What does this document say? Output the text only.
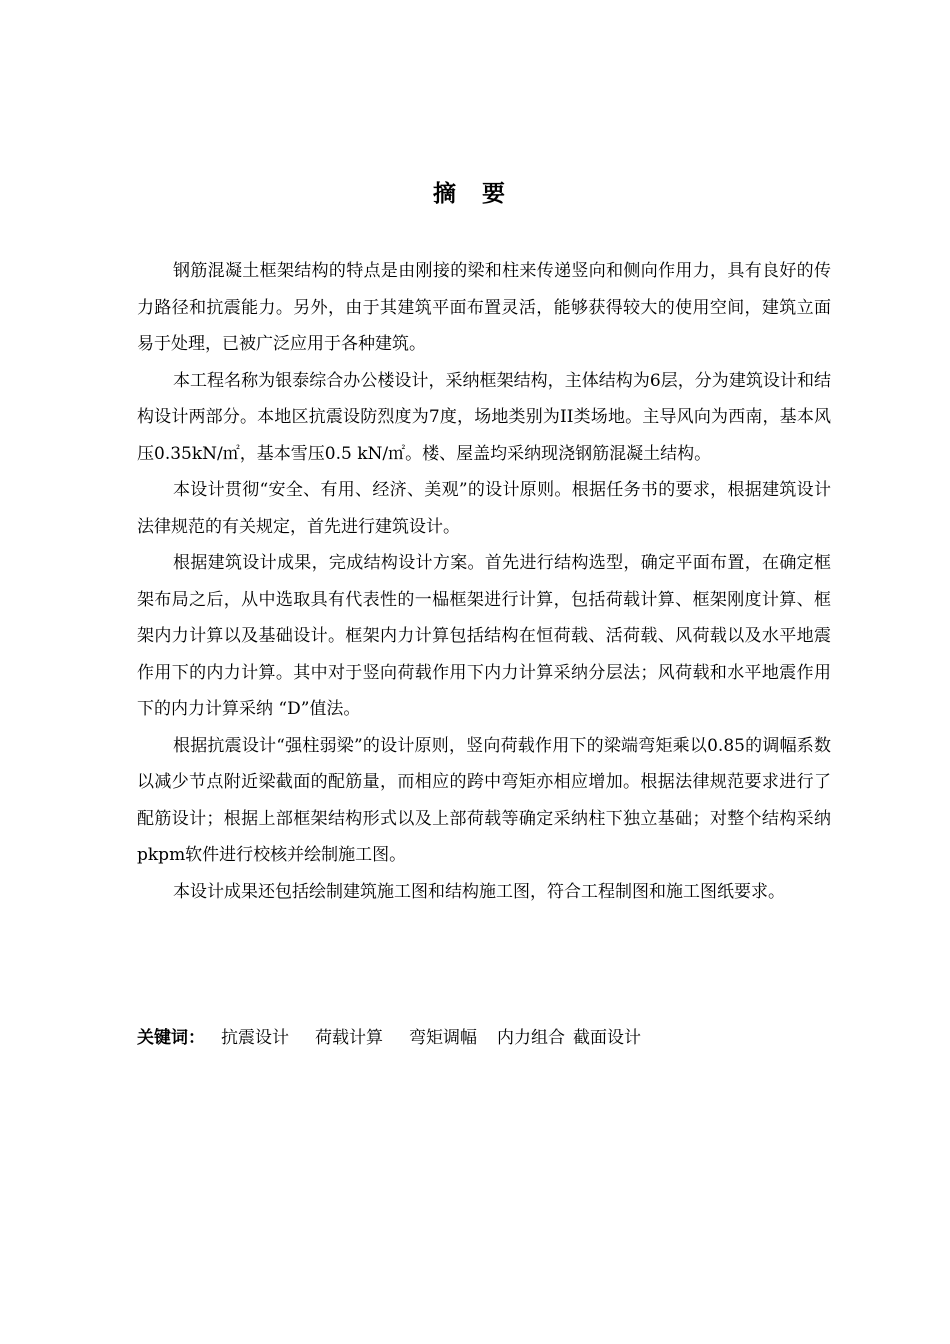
摘要

钢筋混凝土框架结构的特点是由刚接的梁和柱来传递竖向和侧向作用力，具有良好的传力路径和抗震能力。另外，由于其建筑平面布置灵活，能够获得较大的使用空间，建筑立面易于处理，已被广泛应用于各种建筑。

本工程名称为银泰综合办公楼设计，采纳框架结构，主体结构为6层，分为建筑设计和结构设计两部分。本地区抗震设防烈度为7度，场地类别为II类场地。主导风向为西南，基本风压0.35kN/㎡，基本雪压0.5 kN/㎡。楼、屋盖均采纳现浇钢筋混凝土结构。

本设计贯彻“安全、有用、经济、美观”的设计原则。根据任务书的要求，根据建筑设计法律规范的有关规定，首先进行建筑设计。

根据建筑设计成果，完成结构设计方案。首先进行结构选型，确定平面布置，在确定框架布局之后，从中选取具有代表性的一榀框架进行计算，包括荷载计算、框架刚度计算、框架内力计算以及基础设计。框架内力计算包括结构在恒荷载、活荷载、风荷载以及水平地震作用下的内力计算。其中对于竖向荷载作用下内力计算采纳分层法；风荷载和水平地震作用下的内力计算采纳 “D”值法。

根据抗震设计“强柱弱梁”的设计原则，竖向荷载作用下的梁端弯矩乘以0.85的调幅系数以减少节点附近梁截面的配筋量，而相应的跨中弯矩亦相应增加。根据法律规范要求进行了配筋设计；根据上部框架结构形式以及上部荷载等确定采纳柱下独立基础；对整个结构采纳pkpm软件进行校核并绘制施工图。

本设计成果还包括绘制建筑施工图和结构施工图，符合工程制图和施工图纸要求。

关键词： 抗震设计 荷载计算 弯矩调幅 内力组合 截面设计
